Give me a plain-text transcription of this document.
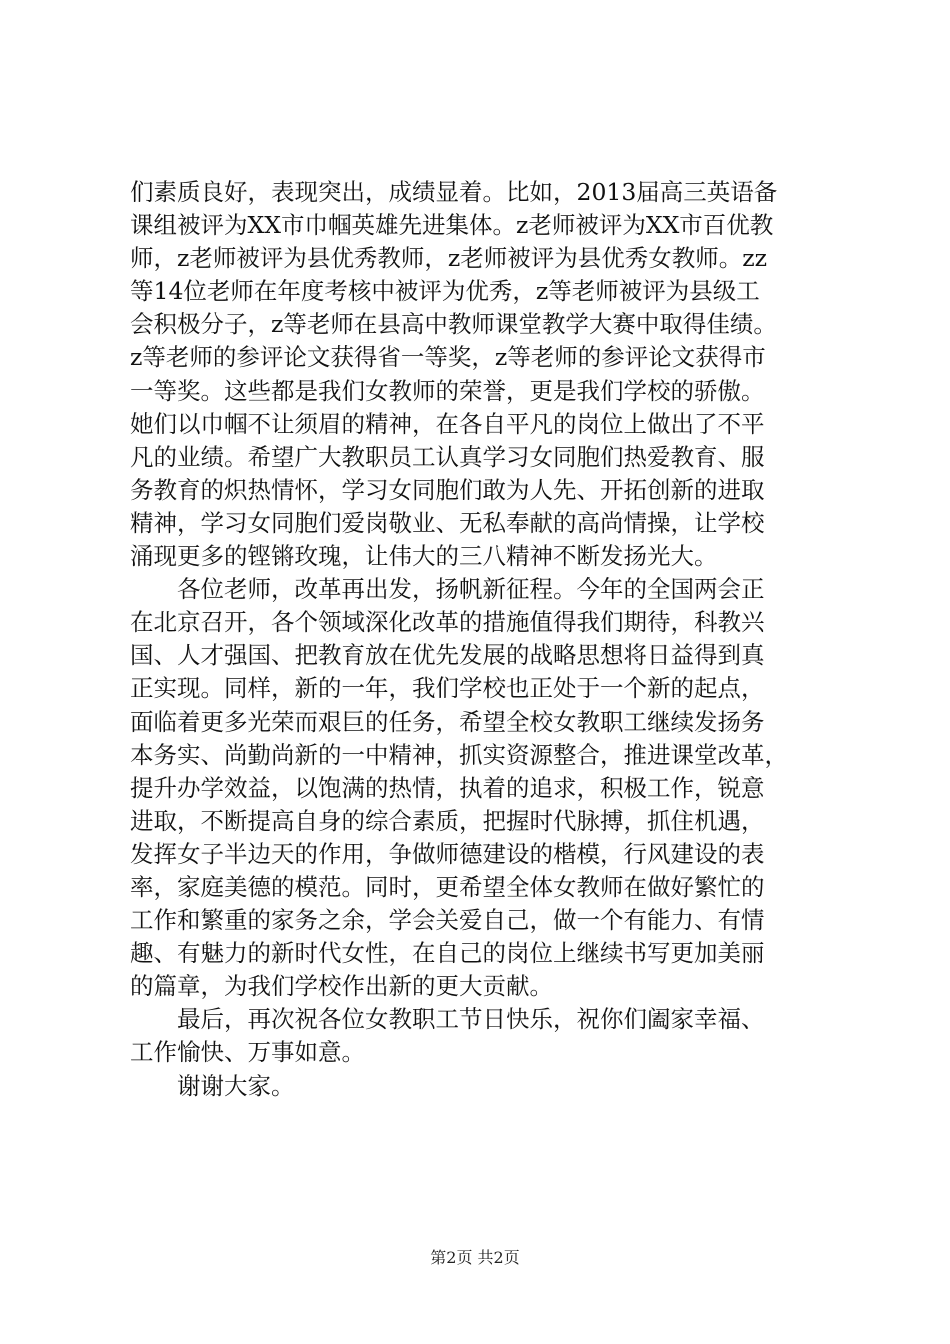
们素质良好，表现突出，成绩显着。比如，2013届高三英语备
课组被评为XX市巾帼英雄先进集体。z老师被评为XX市百优教
师，z老师被评为县优秀教师，z老师被评为县优秀女教师。zz
等14位老师在年度考核中被评为优秀，z等老师被评为县级工
会积极分子，z等老师在县高中教师课堂教学大赛中取得佳绩。
z等老师的参评论文获得省一等奖，z等老师的参评论文获得市
一等奖。这些都是我们女教师的荣誉，更是我们学校的骄傲。
她们以巾帼不让须眉的精神，在各自平凡的岗位上做出了不平
凡的业绩。希望广大教职员工认真学习女同胞们热爱教育、服
务教育的炽热情怀，学习女同胞们敢为人先、开拓创新的进取
精神，学习女同胞们爱岗敬业、无私奉献的高尚情操，让学校
涌现更多的铿锵玫瑰，让伟大的三八精神不断发扬光大。
各位老师，改革再出发，扬帆新征程。今年的全国两会正
在北京召开，各个领域深化改革的措施值得我们期待，科教兴
国、人才强国、把教育放在优先发展的战略思想将日益得到真
正实现。同样，新的一年，我们学校也正处于一个新的起点，
面临着更多光荣而艰巨的任务，希望全校女教职工继续发扬务
本务实、尚勤尚新的一中精神，抓实资源整合，推进课堂改革，
提升办学效益，以饱满的热情，执着的追求，积极工作，锐意
进取，不断提高自身的综合素质，把握时代脉搏，抓住机遇，
发挥女子半边天的作用，争做师德建设的楷模，行风建设的表
率，家庭美德的模范。同时，更希望全体女教师在做好繁忙的
工作和繁重的家务之余，学会关爱自己，做一个有能力、有情
趣、有魅力的新时代女性，在自己的岗位上继续书写更加美丽
的篇章，为我们学校作出新的更大贡献。
最后，再次祝各位女教职工节日快乐，祝你们阖家幸福、
工作愉快、万事如意。
谢谢大家。
第2页 共2页
